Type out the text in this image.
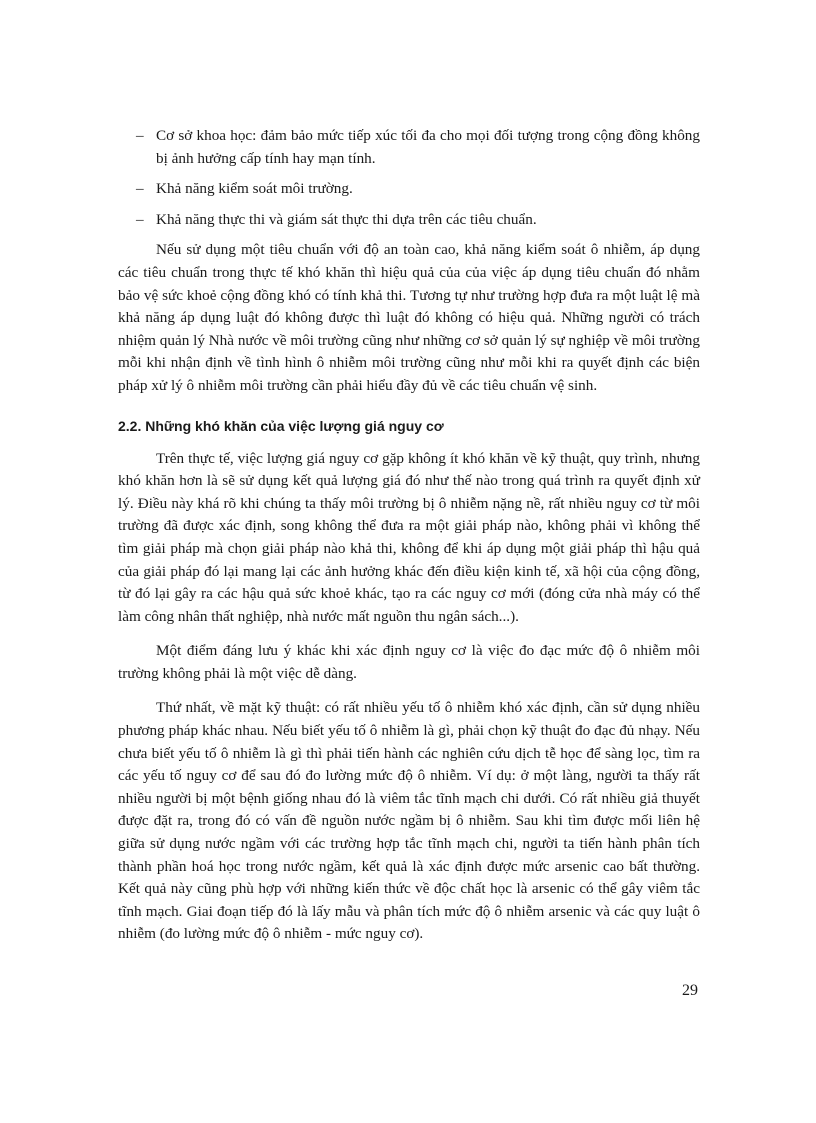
– Cơ sở khoa học: đảm bảo mức tiếp xúc tối đa cho mọi đối tượng trong cộng đồng không bị ảnh hưởng cấp tính hay mạn tính.
– Khả năng kiểm soát môi trường.
– Khả năng thực thi và giám sát thực thi dựa trên các tiêu chuẩn.

Nếu sử dụng một tiêu chuẩn với độ an toàn cao, khả năng kiểm soát ô nhiễm, áp dụng các tiêu chuẩn trong thực tế khó khăn thì hiệu quả của của việc áp dụng tiêu chuẩn đó nhằm bảo vệ sức khoẻ cộng đồng khó có tính khả thi. Tương tự như trường hợp đưa ra một luật lệ mà khả năng áp dụng luật đó không được thì luật đó không có hiệu quả. Những người có trách nhiệm quản lý Nhà nước về môi trường cũng như những cơ sở quản lý sự nghiệp về môi trường mỗi khi nhận định về tình hình ô nhiễm môi trường cũng như mỗi khi ra quyết định các biện pháp xử lý ô nhiễm môi trường cần phải hiểu đầy đủ về các tiêu chuẩn vệ sinh.

2.2. Những khó khăn của việc lượng giá nguy cơ

Trên thực tế, việc lượng giá nguy cơ gặp không ít khó khăn về kỹ thuật, quy trình, nhưng khó khăn hơn là sẽ sử dụng kết quả lượng giá đó như thế nào trong quá trình ra quyết định xử lý. Điều này khá rõ khi chúng ta thấy môi trường bị ô nhiễm nặng nề, rất nhiều nguy cơ từ môi trường đã được xác định, song không thể đưa ra một giải pháp nào, không phải vì không thể tìm giải pháp mà chọn giải pháp nào khả thi, không để khi áp dụng một giải pháp thì hậu quả của giải pháp đó lại mang lại các ảnh hưởng khác đến điều kiện kinh tế, xã hội của cộng đồng, từ đó lại gây ra các hậu quả sức khoẻ khác, tạo ra các nguy cơ mới (đóng cửa nhà máy có thể làm công nhân thất nghiệp, nhà nước mất nguồn thu ngân sách...).

Một điểm đáng lưu ý khác khi xác định nguy cơ là việc đo đạc mức độ ô nhiễm môi trường không phải là một việc dễ dàng.

Thứ nhất, về mặt kỹ thuật: có rất nhiều yếu tố ô nhiễm khó xác định, cần sử dụng nhiều phương pháp khác nhau. Nếu biết yếu tố ô nhiễm là gì, phải chọn kỹ thuật đo đạc đủ nhạy. Nếu chưa biết yếu tố ô nhiễm là gì thì phải tiến hành các nghiên cứu dịch tễ học để sàng lọc, tìm ra các yếu tố nguy cơ để sau đó đo lường mức độ ô nhiễm. Ví dụ: ở một làng, người ta thấy rất nhiều người bị một bệnh giống nhau đó là viêm tắc tĩnh mạch chi dưới. Có rất nhiều giả thuyết được đặt ra, trong đó có vấn đề nguồn nước ngầm bị ô nhiễm. Sau khi tìm được mối liên hệ giữa sử dụng nước ngầm với các trường hợp tắc tĩnh mạch chi, người ta tiến hành phân tích thành phần hoá học trong nước ngầm, kết quả là xác định được mức arsenic cao bất thường. Kết quả này cũng phù hợp với những kiến thức về độc chất học là arsenic có thể gây viêm tắc tĩnh mạch. Giai đoạn tiếp đó là lấy mẫu và phân tích mức độ ô nhiễm arsenic và các quy luật ô nhiễm (đo lường mức độ ô nhiễm - mức nguy cơ).

29
